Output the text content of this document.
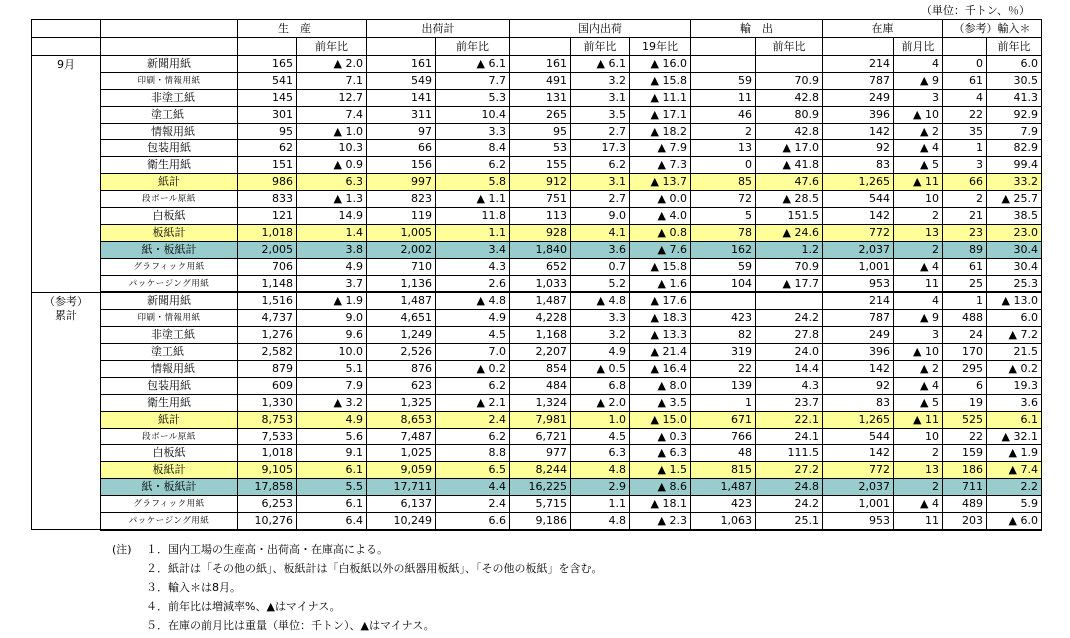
（単位：千トン、％）
		生　産		出荷計		国内出荷			輸　出		在庫		（参考）輸入＊	
			前年比		前年比		前年比	19年比		前年比		前月比		前年比

9月	新聞用紙	165	▲ 2.0	161	▲ 6.1	161	▲ 6.1	▲ 16.0			214	4	0	6.0
	印刷・情報用紙	541	7.1	549	7.7	491	3.2	▲ 15.8	59	70.9	787	▲ 9	61	30.5
	非塗工紙	145	12.7	141	5.3	131	3.1	▲ 11.1	11	42.8	249	3	4	41.3
	塗工紙	301	7.4	311	10.4	265	3.5	▲ 17.1	46	80.9	396	▲ 10	22	92.9
	情報用紙	95	▲ 1.0	97	3.3	95	2.7	▲ 18.2	2	42.8	142	▲ 2	35	7.9
	包装用紙	62	10.3	66	8.4	53	17.3	▲ 7.9	13	▲ 17.0	92	▲ 4	1	82.9
	衛生用紙	151	▲ 0.9	156	6.2	155	6.2	▲ 7.3	0	▲ 41.8	83	▲ 5	3	99.4
	紙計	986	6.3	997	5.8	912	3.1	▲ 13.7	85	47.6	1,265	▲ 11	66	33.2
	段ボール原紙	833	▲ 1.3	823	▲ 1.1	751	2.7	▲ 0.0	72	▲ 28.5	544	10	2	▲ 25.7
	白板紙	121	14.9	119	11.8	113	9.0	▲ 4.0	5	151.5	142	2	21	38.5
	板紙計	1,018	1.4	1,005	1.1	928	4.1	▲ 0.8	78	▲ 24.6	772	13	23	23.0
	紙・板紙計	2,005	3.8	2,002	3.4	1,840	3.6	▲ 7.6	162	1.2	2,037	2	89	30.4
	グラフィック用紙	706	4.9	710	4.3	652	0.7	▲ 15.8	59	70.9	1,001	▲ 4	61	30.4
	パッケージング用紙	1,148	3.7	1,136	2.6	1,033	5.2	▲ 1.6	104	▲ 17.7	953	11	25	25.3

（参考）
累計	新聞用紙	1,516	▲ 1.9	1,487	▲ 4.8	1,487	▲ 4.8	▲ 17.6			214	4	1	▲ 13.0
	印刷・情報用紙	4,737	9.0	4,651	4.9	4,228	3.3	▲ 18.3	423	24.2	787	▲ 9	488	6.0
	非塗工紙	1,276	9.6	1,249	4.5	1,168	3.2	▲ 13.3	82	27.8	249	3	24	▲ 7.2
	塗工紙	2,582	10.0	2,526	7.0	2,207	4.9	▲ 21.4	319	24.0	396	▲ 10	170	21.5
	情報用紙	879	5.1	876	▲ 0.2	854	▲ 0.5	▲ 16.4	22	14.4	142	▲ 2	295	▲ 0.2
	包装用紙	609	7.9	623	6.2	484	6.8	▲ 8.0	139	4.3	92	▲ 4	6	19.3
	衛生用紙	1,330	▲ 3.2	1,325	▲ 2.1	1,324	▲ 2.0	▲ 3.5	1	23.7	83	▲ 5	19	3.6
	紙計	8,753	4.9	8,653	2.4	7,981	1.0	▲ 15.0	671	22.1	1,265	▲ 11	525	6.1
	段ボール原紙	7,533	5.6	7,487	6.2	6,721	4.5	▲ 0.3	766	24.1	544	10	22	▲ 32.1
	白板紙	1,018	9.1	1,025	8.8	977	6.3	▲ 6.3	48	111.5	142	2	159	▲ 1.9
	板紙計	9,105	6.1	9,059	6.5	8,244	4.8	▲ 1.5	815	27.2	772	13	186	▲ 7.4
	紙・板紙計	17,858	5.5	17,711	4.4	16,225	2.9	▲ 8.6	1,487	24.8	2,037	2	711	2.2
	グラフィック用紙	6,253	6.1	6,137	2.4	5,715	1.1	▲ 18.1	423	24.2	1,001	▲ 4	489	5.9
	パッケージング用紙	10,276	6.4	10,249	6.6	9,186	4.8	▲ 2.3	1,063	25.1	953	11	203	▲ 6.0
(注) １．国内工場の生産高・出荷高・在庫高による。
２．紙計は「その他の紙」、板紙計は「白板紙以外の紙器用板紙」、「その他の板紙」を含む。
３．輸入＊は8月。
４．前年比は増減率%、▲はマイナス。
５．在庫の前月比は重量（単位：千トン）、▲はマイナス。
